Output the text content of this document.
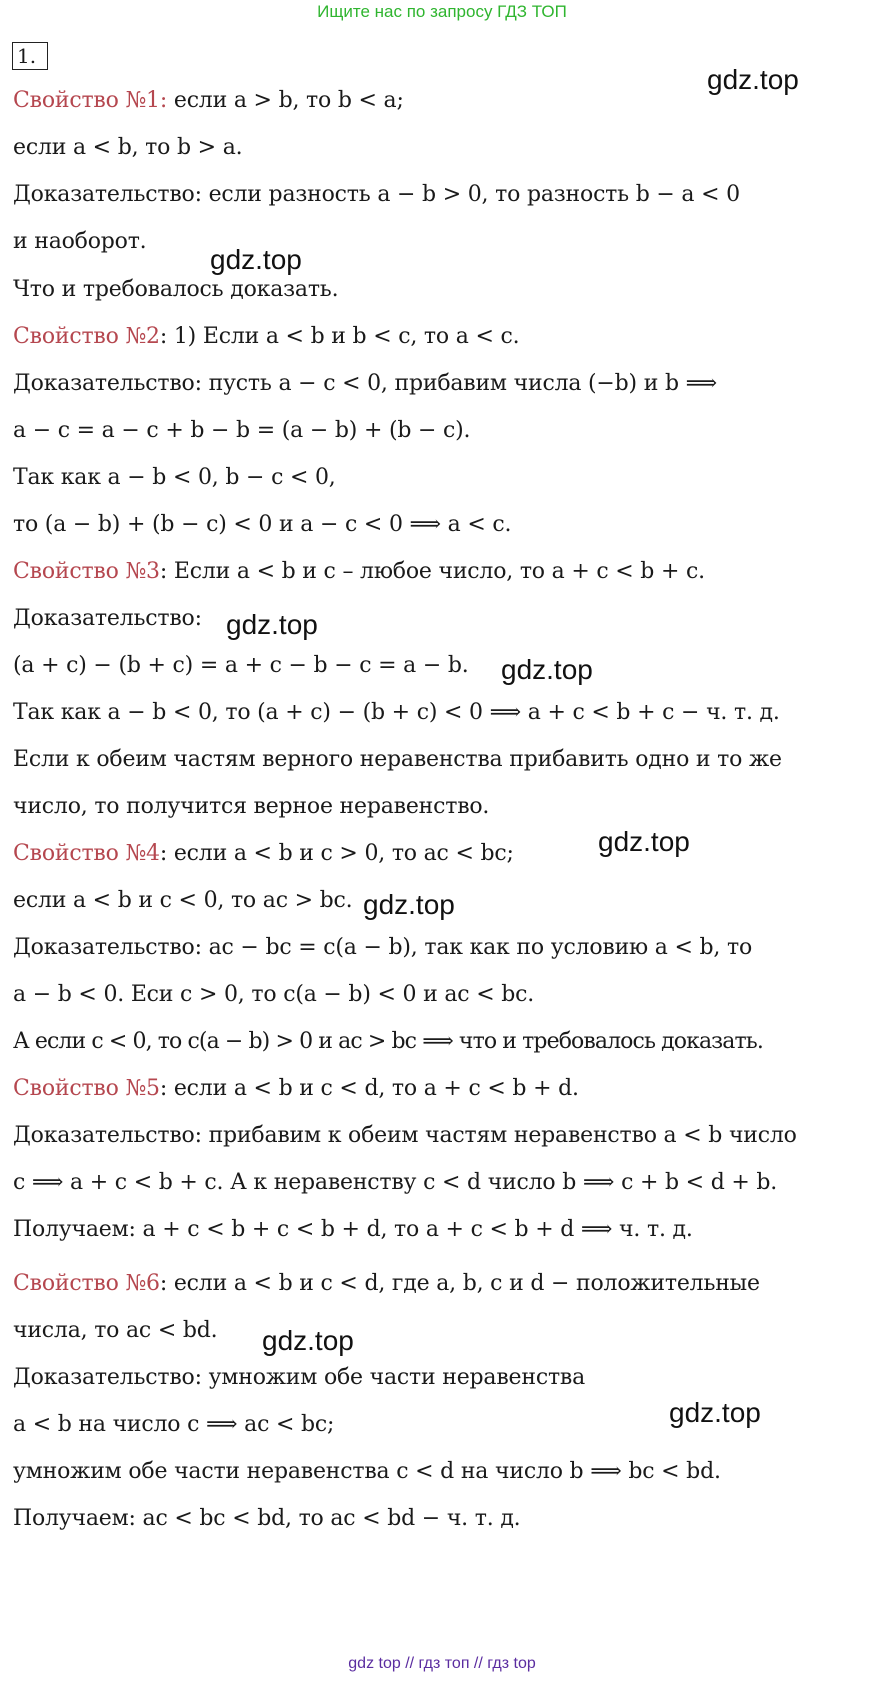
Ищите нас по запросу ГДЗ ТОП
1.
Свойство №1: если a > b, то b < a;
если a < b, то b > a.
Доказательство: если разность a − b > 0, то разность b − a < 0
и наоборот.
Что и требовалось доказать.
Свойство №2: 1) Если a < b и b < c, то a < c.
Доказательство: пусть a − c < 0, прибавим числа (−b) и b ⟹
a − c = a − c + b − b = (a − b) + (b − c).
Так как a − b < 0, b − c < 0,
то (a − b) + (b − c) < 0 и a − c < 0 ⟹ a < c.
Свойство №3: Если a < b и c – любое число, то a + c < b + c.
Доказательство:
(a + c) − (b + c) = a + c − b − c = a − b.
Так как a − b < 0, то (a + c) − (b + c) < 0 ⟹ a + c < b + c − ч. т. д.
Если к обеим частям верного неравенства прибавить одно и то же
число, то получится верное неравенство.
Свойство №4: если a < b и c > 0, то ac < bc;
если a < b и c < 0, то ac > bc.
Доказательство: ac − bc = c(a − b), так как по условию a < b, то
a − b < 0. Еси c > 0, то c(a − b) < 0 и ac < bc.
А если c < 0, то c(a − b) > 0 и ac > bc ⟹ что и требовалось доказать.
Свойство №5: если a < b и c < d, то a + c < b + d.
Доказательство: прибавим к обеим частям неравенство a < b число
c ⟹ a + c < b + c. А к неравенству c < d число b ⟹ c + b < d + b.
Получаем: a + c < b + c < b + d, то a + c < b + d ⟹ ч. т. д.
Свойство №6: если a < b и c < d, где a, b, c и d − положительные
числа, то ac < bd.
Доказательство: умножим обе части неравенства
a < b на число c ⟹ ac < bc;
умножим обе части неравенства c < d на число b ⟹ bc < bd.
Получаем: ac < bc < bd, то ac < bd − ч. т. д.
gdz.top
gdz.top
gdz.top
gdz.top
gdz.top
gdz.top
gdz.top
gdz.top
gdz top // гдз топ // гдз top
